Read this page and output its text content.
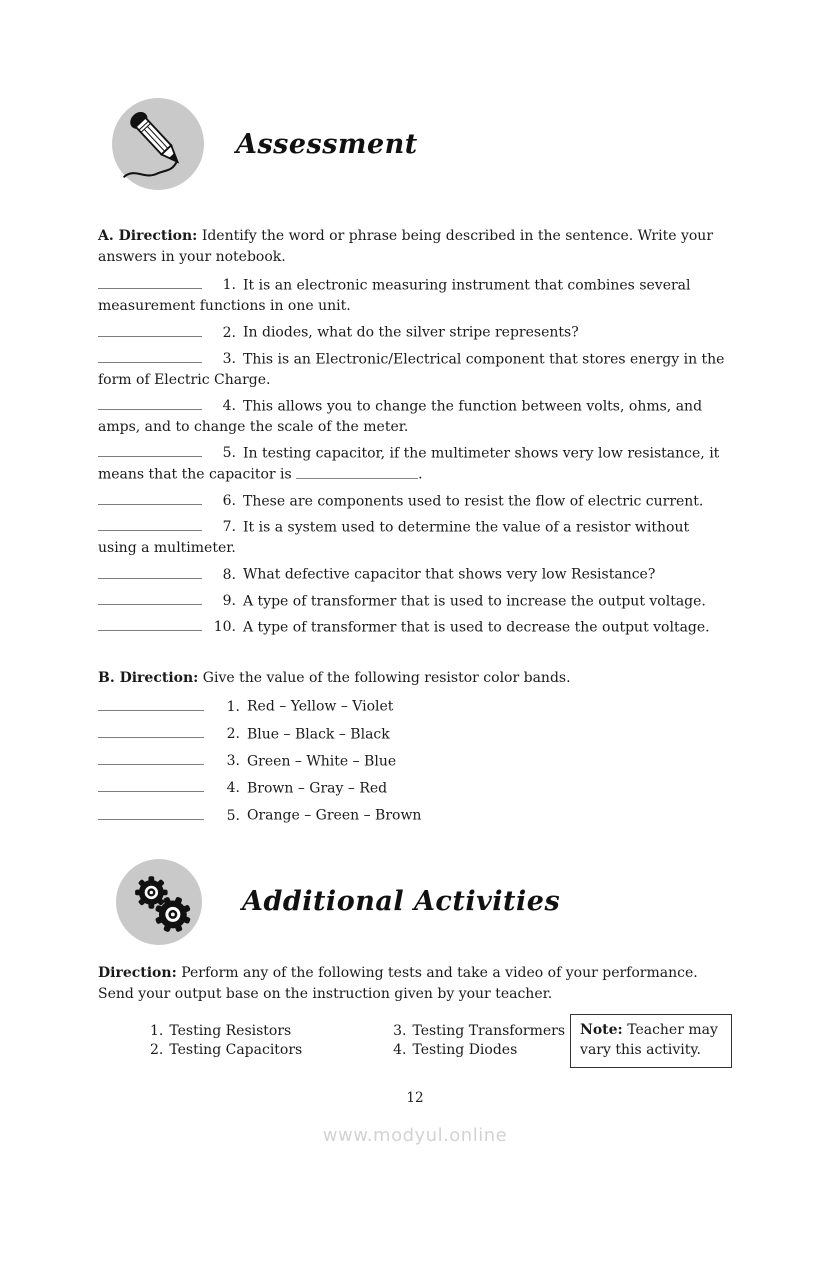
Assessment

A. Direction: Identify the word or phrase being described in the sentence. Write your answers in your notebook.

1. It is an electronic measuring instrument that combines several measurement functions in one unit.

2. In diodes, what do the silver stripe represents?

3. This is an Electronic/Electrical component that stores energy in the form of Electric Charge.

4. This allows you to change the function between volts, ohms, and amps, and to change the scale of the meter.

5. In testing capacitor, if the multimeter shows very low resistance, it means that the capacitor is	.

6. These are components used to resist the flow of electric current.

7. It is a system used to determine the value of a resistor without using a multimeter.

8. What defective capacitor that shows very low Resistance?

9. A type of transformer that is used to increase the output voltage.

10. A type of transformer that is used to decrease the output voltage.

B. Direction: Give the value of the following resistor color bands.

1. Red – Yellow – Violet

2. Blue – Black – Black

3. Green – White – Blue

4. Brown – Gray – Red

5. Orange – Green – Brown

Additional Activities

Direction: Perform any of the following tests and take a video of your performance. Send your output base on the instruction given by your teacher.

1. Testing Resistors
2. Testing Capacitors
3. Testing Transformers
4. Testing Diodes
Note: Teacher may vary this activity.
12
www.modyul.online
